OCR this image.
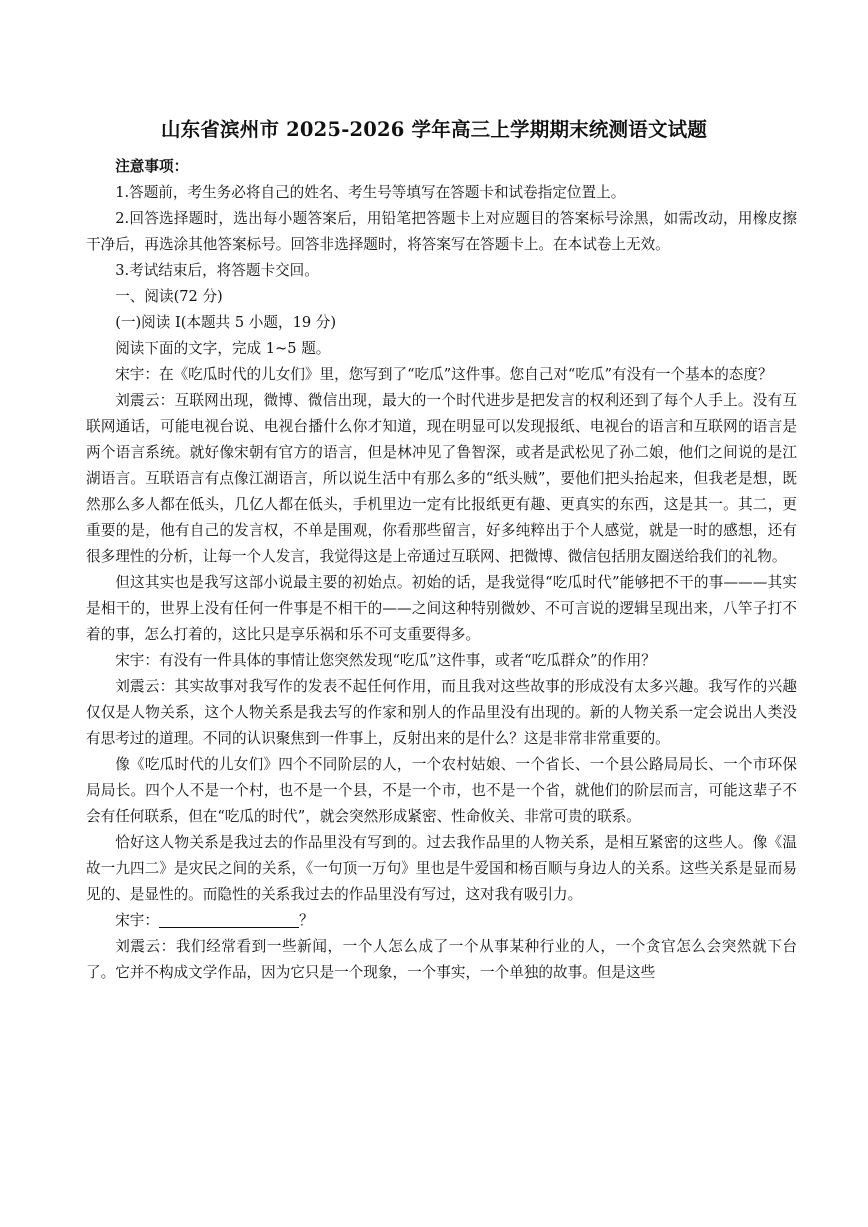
山东省滨州市 2025-2026 学年高三上学期期末统测语文试题

注意事项：

1.答题前，考生务必将自己的姓名、考生号等填写在答题卡和试卷指定位置上。

2.回答选择题时，选出每小题答案后，用铅笔把答题卡上对应题目的答案标号涂黑，如需改动，用橡皮擦干净后，再选涂其他答案标号。回答非选择题时，将答案写在答题卡上。在本试卷上无效。

3.考试结束后，将答题卡交回。

一、阅读(72 分)

(一)阅读 I(本题共 5 小题，19 分)

阅读下面的文字，完成 1~5 题。

宋宇：在《吃瓜时代的儿女们》里，您写到了“吃瓜”这件事。您自己对“吃瓜”有没有一个基本的态度？

刘震云：互联网出现，微博、微信出现，最大的一个时代进步是把发言的权利还到了每个人手上。没有互联网通话，可能电视台说、电视台播什么你才知道，现在明显可以发现报纸、电视台的语言和互联网的语言是两个语言系统。就好像宋朝有官方的语言，但是林冲见了鲁智深，或者是武松见了孙二娘，他们之间说的是江湖语言。互联语言有点像江湖语言，所以说生活中有那么多的“纸头贼”，要他们把头抬起来，但我老是想，既然那么多人都在低头，几亿人都在低头，手机里边一定有比报纸更有趣、更真实的东西，这是其一。其二，更重要的是，他有自己的发言权，不单是围观，你看那些留言，好多纯粹出于个人感觉，就是一时的感想，还有很多理性的分析，让每一个人发言，我觉得这是上帝通过互联网、把微博、微信包括朋友圈送给我们的礼物。

但这其实也是我写这部小说最主要的初始点。初始的话，是我觉得“吃瓜时代”能够把不干的事———其实是相干的，世界上没有任何一件事是不相干的——之间这种特别微妙、不可言说的逻辑呈现出来，八竿子打不着的事，怎么打着的，这比只是享乐祸和乐不可支重要得多。

宋宇：有没有一件具体的事情让您突然发现“吃瓜”这件事，或者“吃瓜群众”的作用？

刘震云：其实故事对我写作的发表不起任何作用，而且我对这些故事的形成没有太多兴趣。我写作的兴趣仅仅是人物关系，这个人物关系是我去写的作家和别人的作品里没有出现的。新的人物关系一定会说出人类没有思考过的道理。不同的认识聚焦到一件事上，反射出来的是什么？这是非常非常重要的。

像《吃瓜时代的儿女们》四个不同阶层的人，一个农村姑娘、一个省长、一个县公路局局长、一个市环保局局长。四个人不是一个村，也不是一个县，不是一个市，也不是一个省，就他们的阶层而言，可能这辈子不会有任何联系，但在“吃瓜的时代”，就会突然形成紧密、性命攸关、非常可贵的联系。

恰好这人物关系是我过去的作品里没有写到的。过去我作品里的人物关系，是相互紧密的这些人。像《温故一九四二》是灾民之间的关系，《一句顶一万句》里也是牛爱国和杨百顺与身边人的关系。这些关系是显而易见的、是显性的。而隐性的关系我过去的作品里没有写过，这对我有吸引力。

宋宇：	？

刘震云：我们经常看到一些新闻，一个人怎么成了一个从事某种行业的人，一个贪官怎么会突然就下台了。它并不构成文学作品，因为它只是一个现象，一个事实，一个单独的故事。但是这些
